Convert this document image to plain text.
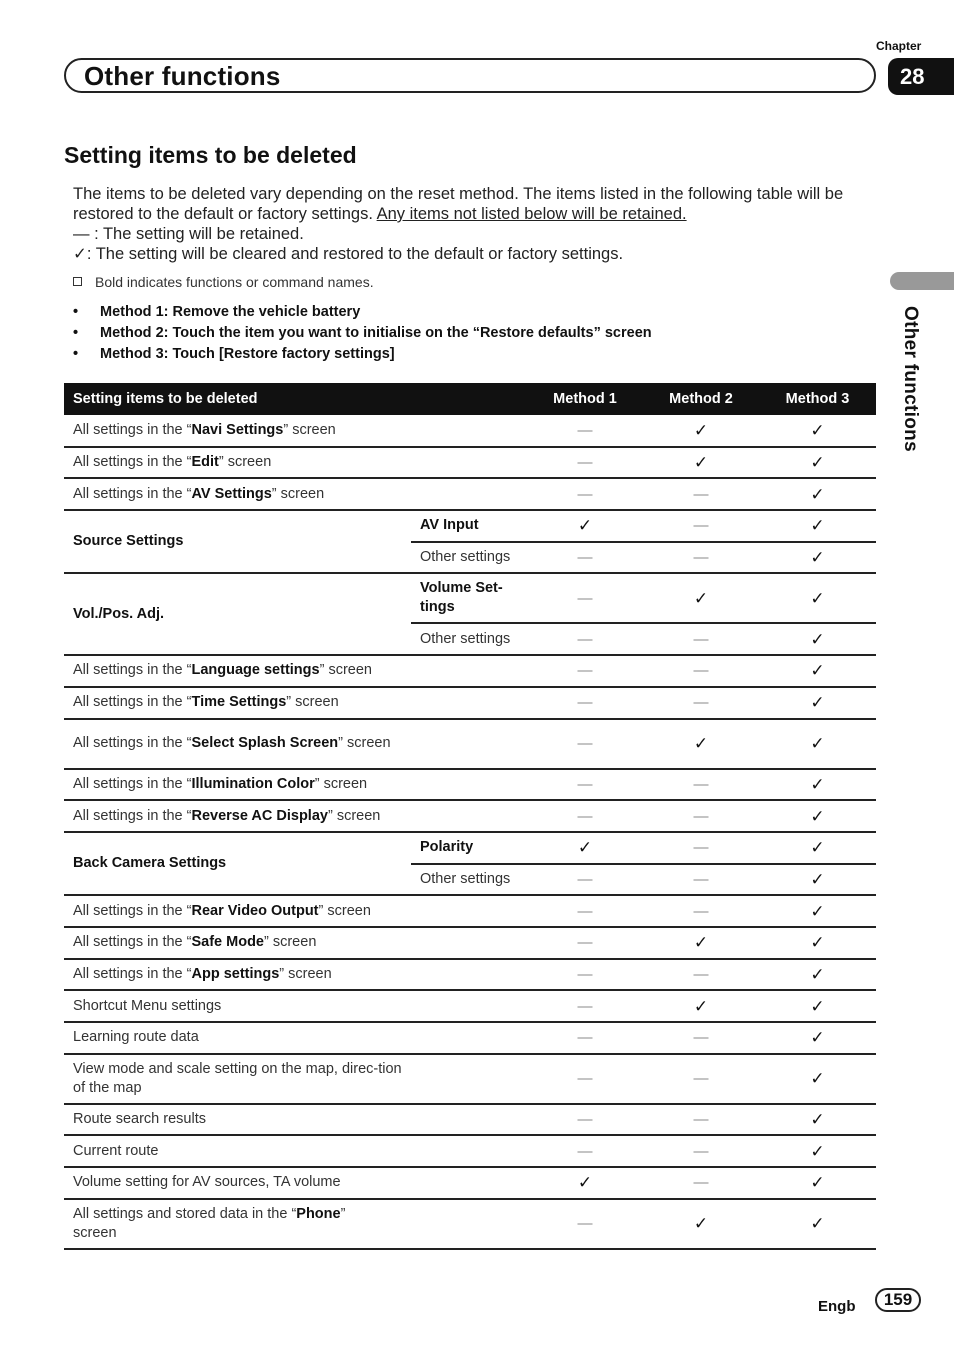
Chapter
Other functions	28
Other functions
Setting items to be deleted

The items to be deleted vary depending on the reset method. The items listed in the following table will be restored to the default or factory settings. Any items not listed below will be retained.

— : The setting will be retained.

✓: The setting will be cleared and restored to the default or factory settings.

Bold indicates functions or command names.
• Method 1: Remove the vehicle battery
• Method 2: Touch the item you want to initialise on the “Restore defaults” screen
• Method 3: Touch [Restore factory settings]
Setting items to be deleted		Method 1	Method 2	Method 3
All settings in the “Navi Settings” screen		—	✓	✓
All settings in the “Edit” screen		—	✓	✓
All settings in the “AV Settings” screen		—	—	✓
Source Settings	AV Input	✓	—	✓
	Other settings	—	—	✓
Vol./Pos. Adj.	Volume Set-tings	—	✓	✓
	Other settings	—	—	✓
All settings in the “Language settings” screen		—	—	✓
All settings in the “Time Settings” screen		—	—	✓
All settings in the “Select Splash Screen” screen		—	✓	✓
All settings in the “Illumination Color” screen		—	—	✓
All settings in the “Reverse AC Display” screen		—	—	✓
Back Camera Settings	Polarity	✓	—	✓
	Other settings	—	—	✓
All settings in the “Rear Video Output” screen		—	—	✓
All settings in the “Safe Mode” screen		—	✓	✓
All settings in the “App settings” screen		—	—	✓
Shortcut Menu settings		—	✓	✓
Learning route data		—	—	✓

View mode and scale setting on the map, direc-tion of the map		—	—	✓
Route search results		—	—	✓
Current route		—	—	✓
Volume setting for AV sources, TA volume		✓	—	✓

All settings and stored data in the “Phone” screen		—	✓	✓
Engb	159
